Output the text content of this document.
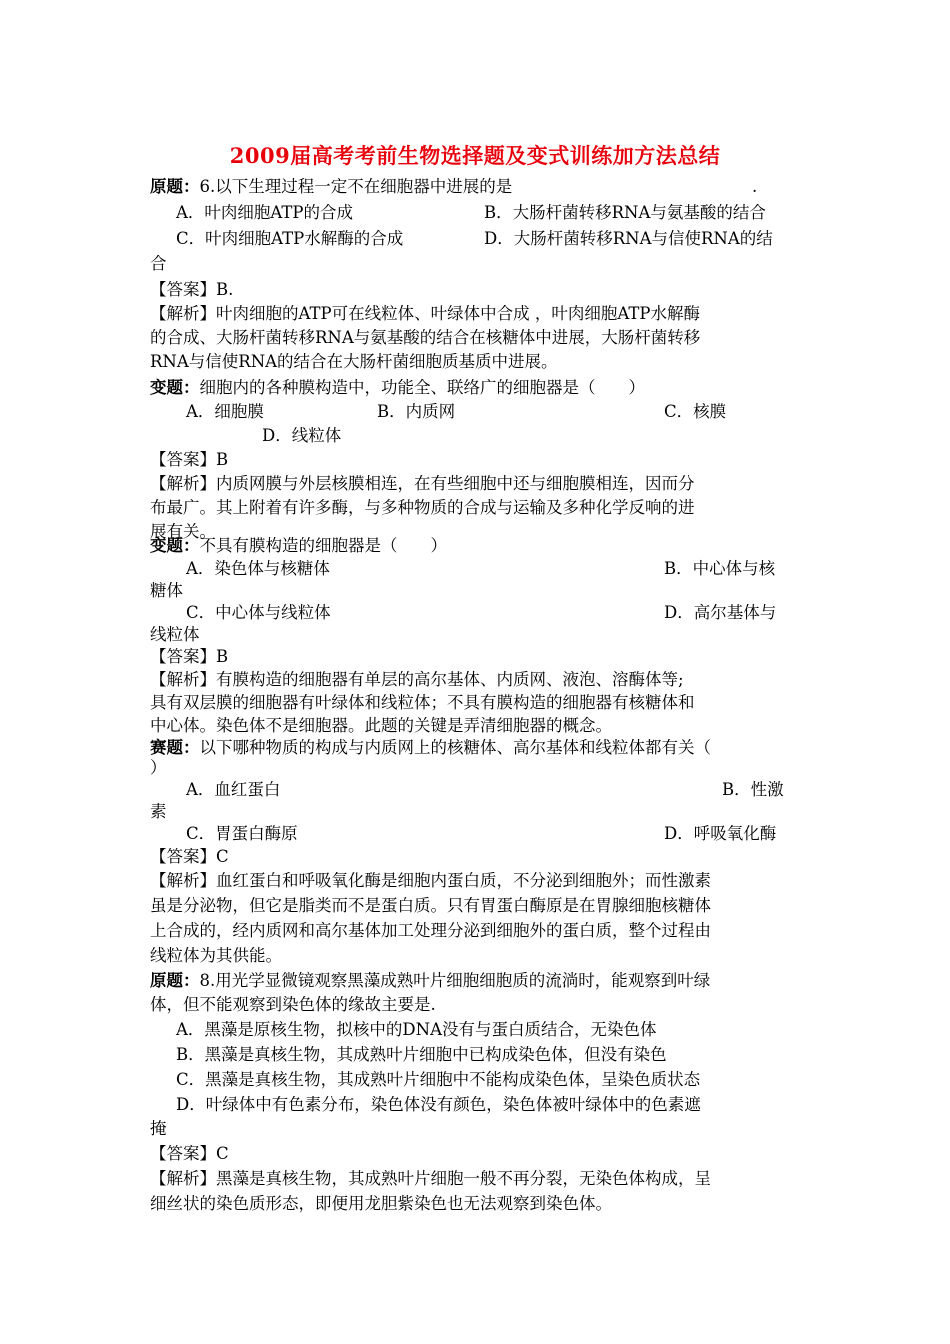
2009届高考考前生物选择题及变式训练加方法总结
原题：6.以下生理过程一定不在细胞器中进展的是	.
A．叶肉细胞ATP的合成	B．大肠杆菌转移RNA与氨基酸的结合
C．叶肉细胞ATP水解酶的合成	D．大肠杆菌转移RNA与信使RNA的结
合
【答案】B.
【解析】叶肉细胞的ATP可在线粒体、叶绿体中合成 ，叶肉细胞ATP水解酶
的合成、大肠杆菌转移RNA与氨基酸的结合在核糖体中进展，大肠杆菌转移
RNA与信使RNA的结合在大肠杆菌细胞质基质中进展。
变题：细胞内的各种膜构造中，功能全、联络广的细胞器是（　　）
A．细胞膜	B．内质网	C．核膜
D．线粒体
【答案】B
【解析】内质网膜与外层核膜相连，在有些细胞中还与细胞膜相连，因而分
布最广。其上附着有许多酶，与多种物质的合成与运输及多种化学反响的进
展有关。
变题：不具有膜构造的细胞器是（　　）
A．染色体与核糖体	B．中心体与核
糖体
C．中心体与线粒体	D．高尔基体与
线粒体
【答案】B
【解析】有膜构造的细胞器有单层的高尔基体、内质网、液泡、溶酶体等;
具有双层膜的细胞器有叶绿体和线粒体；不具有膜构造的细胞器有核糖体和
中心体。染色体不是细胞器。此题的关键是弄清细胞器的概念。
赛题：以下哪种物质的构成与内质网上的核糖体、高尔基体和线粒体都有关（
）
A．血红蛋白	B．性激
素
C．胃蛋白酶原	D．呼吸氧化酶
【答案】C
【解析】血红蛋白和呼吸氧化酶是细胞内蛋白质，不分泌到细胞外；而性激素
虽是分泌物，但它是脂类而不是蛋白质。只有胃蛋白酶原是在胃腺细胞核糖体
上合成的，经内质网和高尔基体加工处理分泌到细胞外的蛋白质，整个过程由
线粒体为其供能。
原题：8.用光学显微镜观察黑藻成熟叶片细胞细胞质的流淌时，能观察到叶绿
体，但不能观察到染色体的缘故主要是.
A．黑藻是原核生物，拟核中的DNA没有与蛋白质结合，无染色体
B．黑藻是真核生物，其成熟叶片细胞中已构成染色体，但没有染色
C．黑藻是真核生物，其成熟叶片细胞中不能构成染色体，呈染色质状态
D．叶绿体中有色素分布，染色体没有颜色，染色体被叶绿体中的色素遮
掩
【答案】C
【解析】黑藻是真核生物，其成熟叶片细胞一般不再分裂，无染色体构成，呈
细丝状的染色质形态，即便用龙胆紫染色也无法观察到染色体。
